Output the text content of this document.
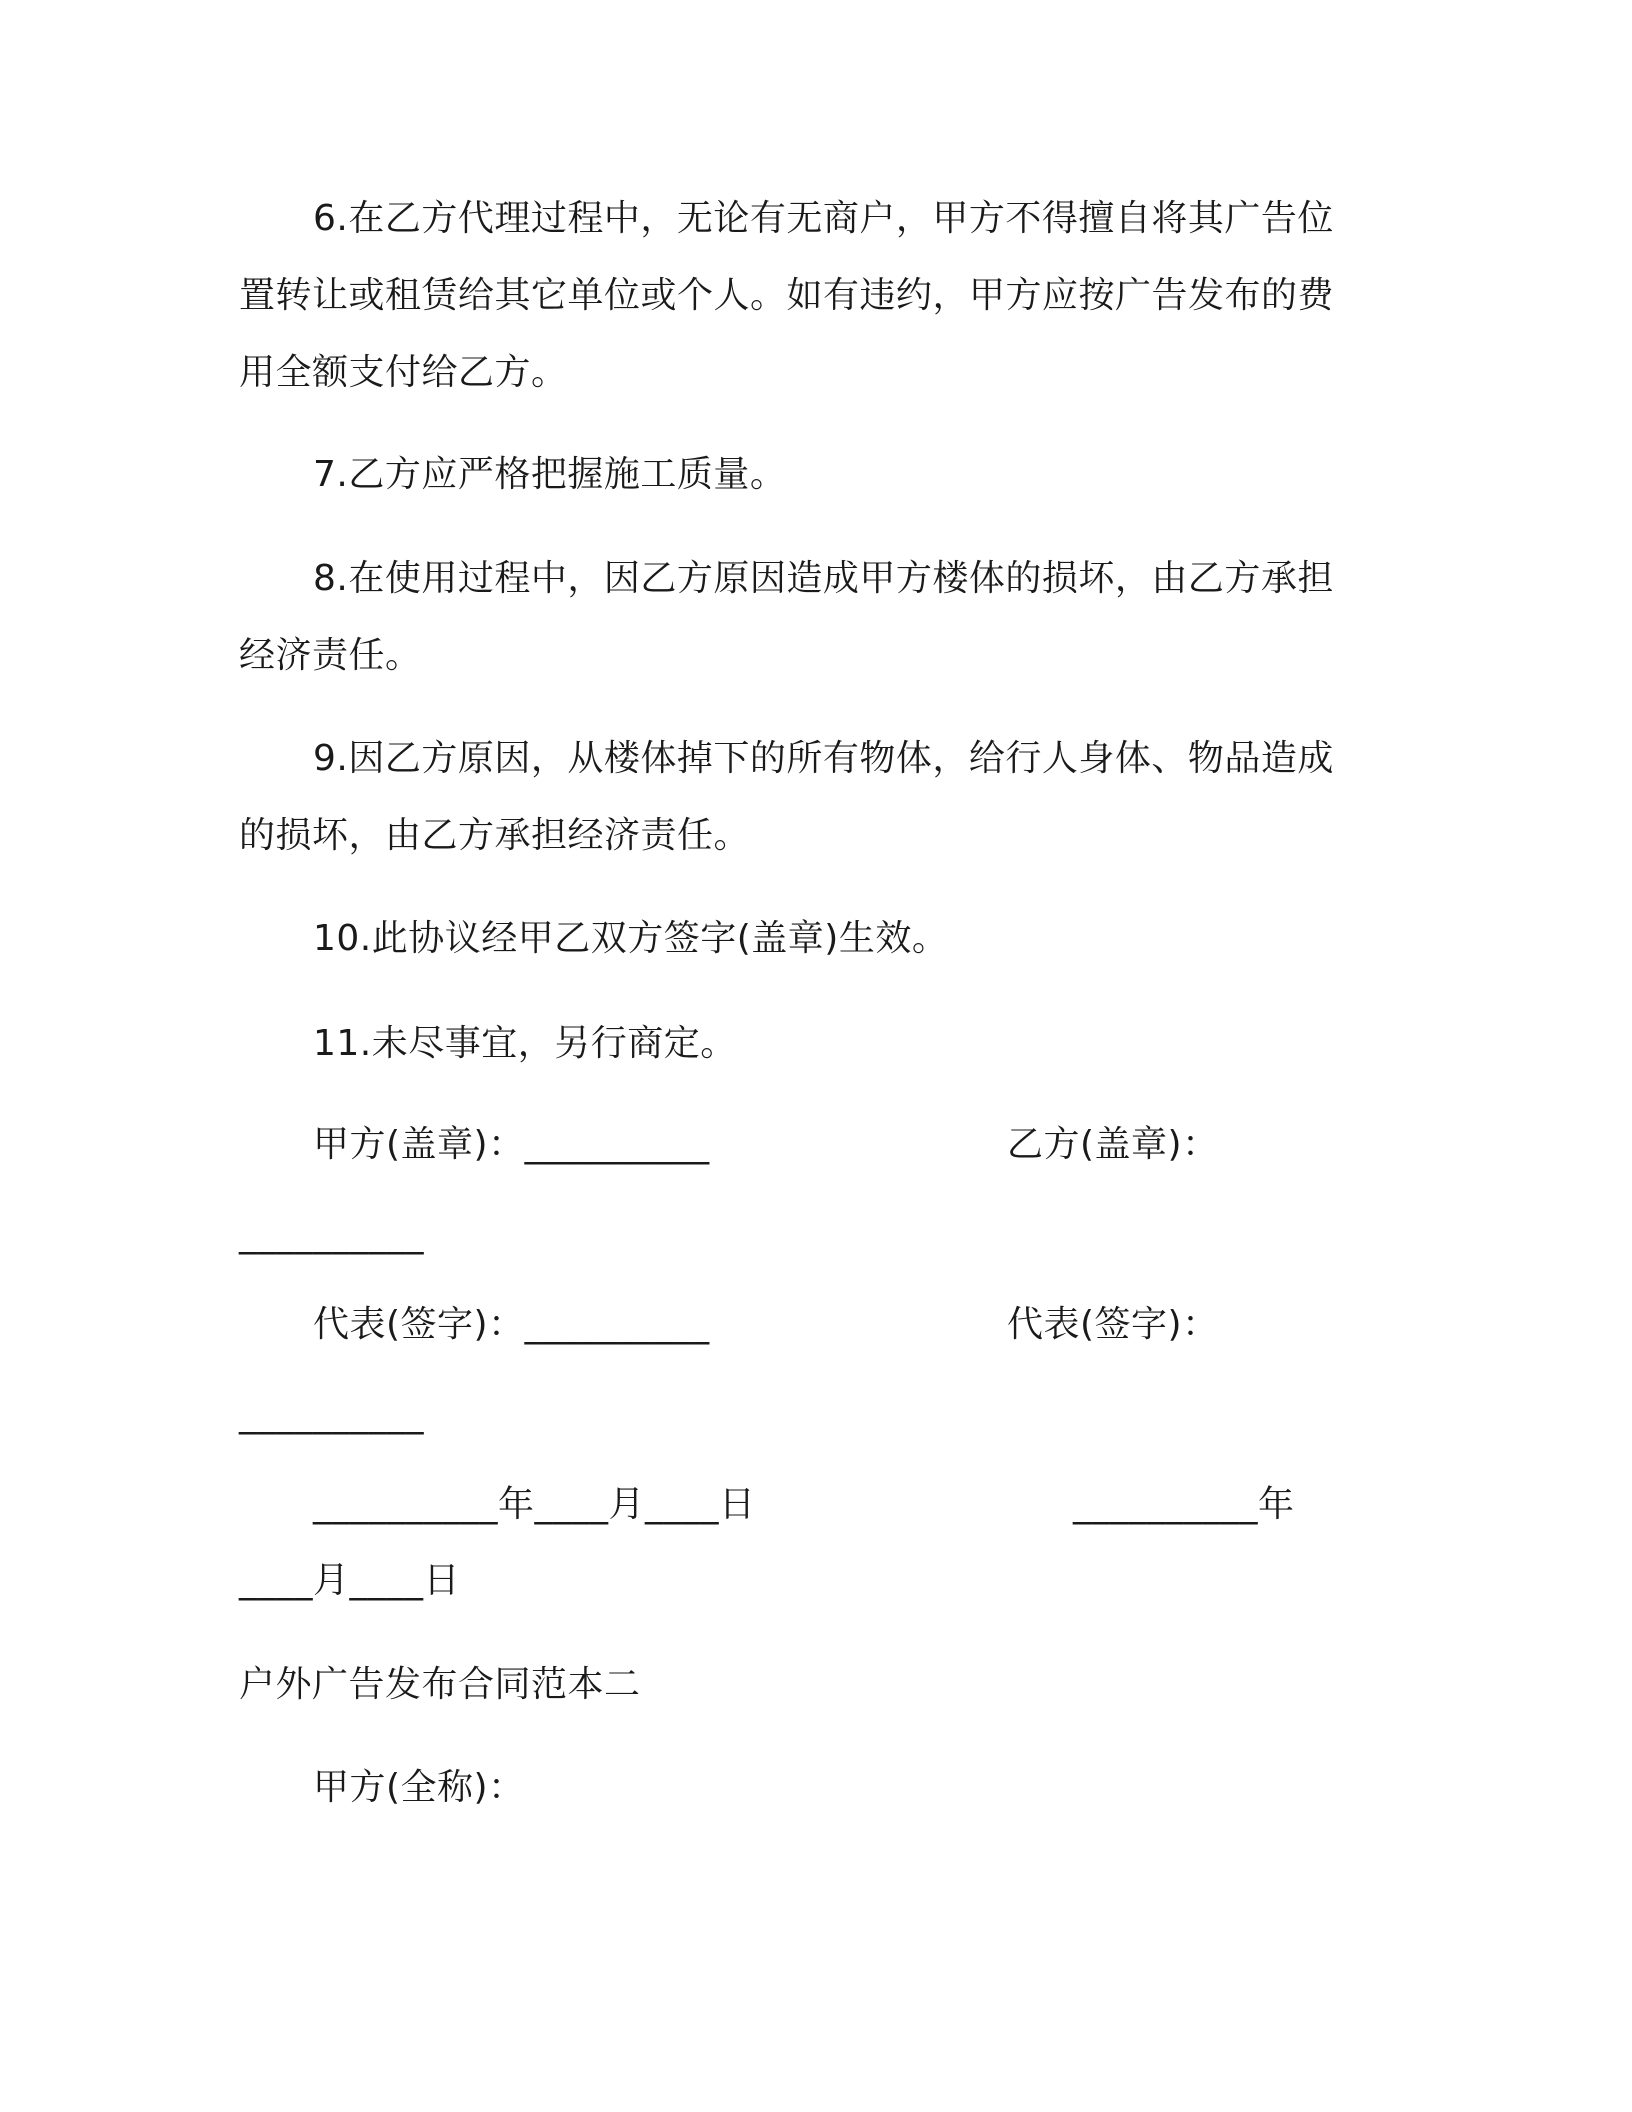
6.在乙方代理过程中，无论有无商户，甲方不得擅自将其广告位置转让或租赁给其它单位或个人。如有违约，甲方应按广告发布的费用全额支付给乙方。

7.乙方应严格把握施工质量。

8.在使用过程中，因乙方原因造成甲方楼体的损坏，由乙方承担经济责任。

9.因乙方原因，从楼体掉下的所有物体，给行人身体、物品造成的损坏，由乙方承担经济责任。

10.此协议经甲乙双方签字(盖章)生效。

11.未尽事宜，另行商定。

甲方(盖章)：__________	乙方(盖章)：
__________
代表(签字)：__________	代表(签字)：
__________
__________年____月____日	__________年
____月____日
户外广告发布合同范本二
甲方(全称)：
